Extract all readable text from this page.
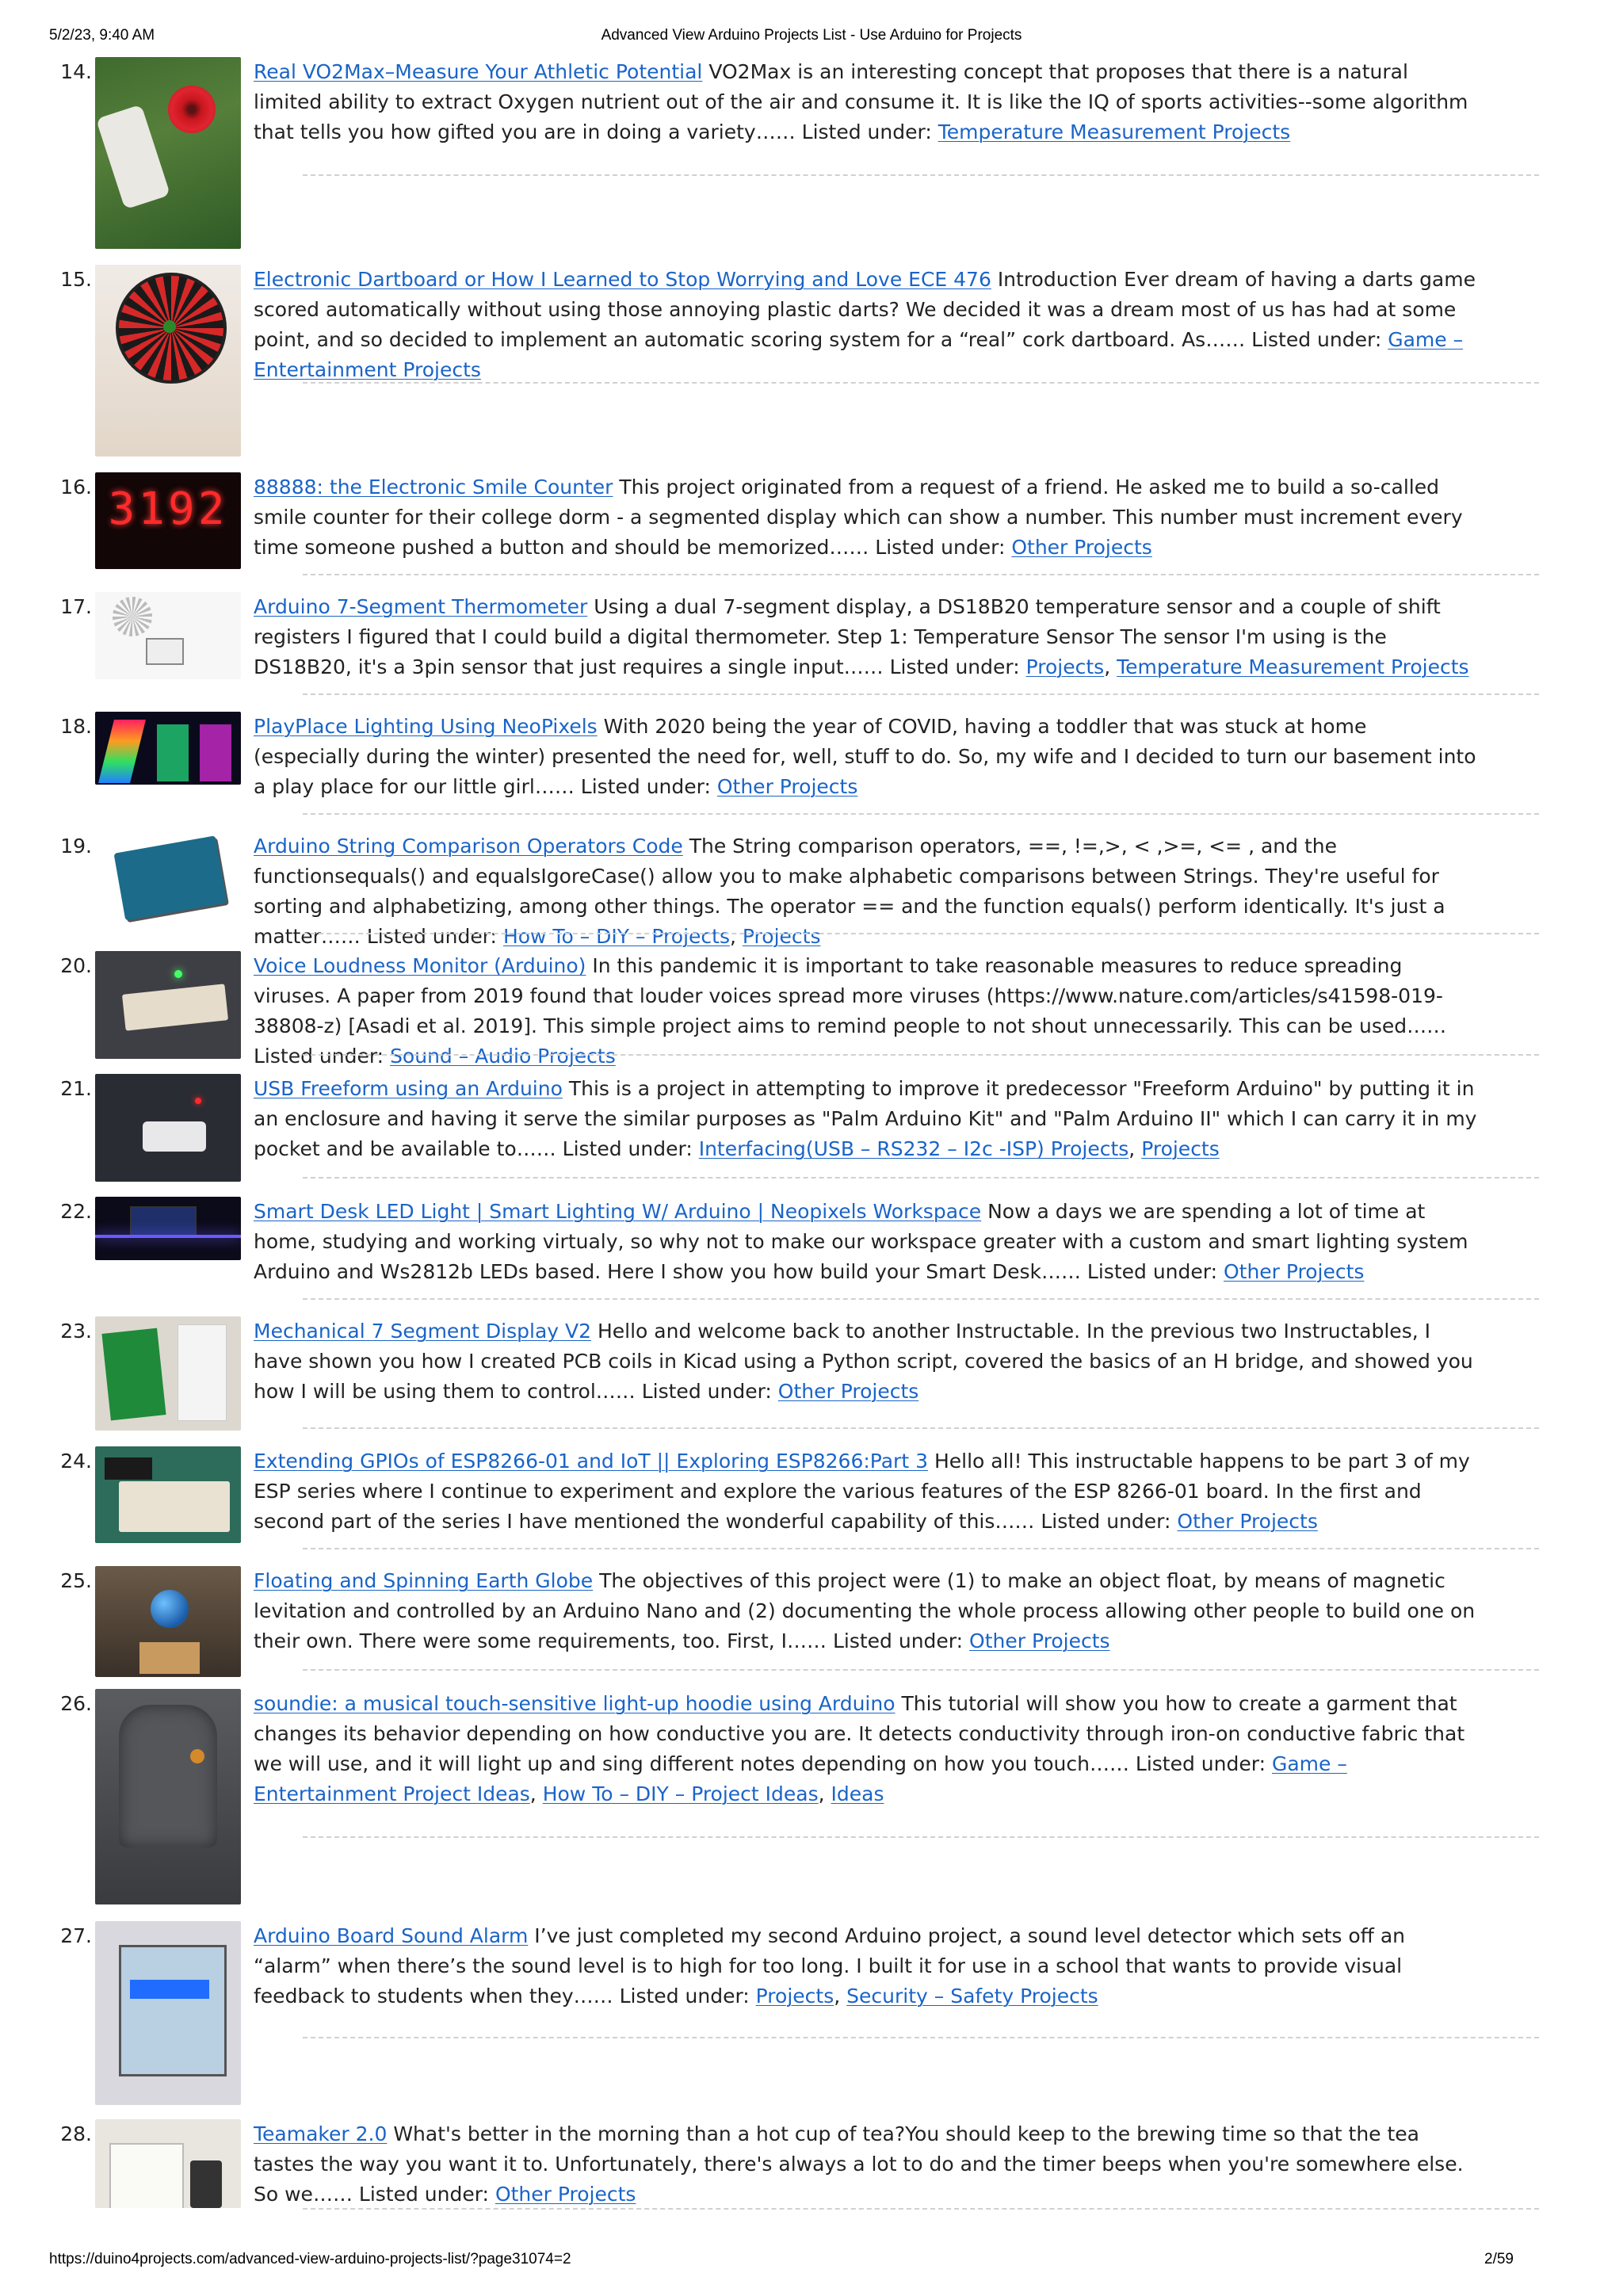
5/2/23, 9:40 AM	Advanced View Arduino Projects List - Use Arduino for Projects
14.	Real VO2Max–Measure Your Athletic Potential VO2Max is an interesting concept that proposes that there is a natural limited ability to extract Oxygen nutrient out of the air and consume it. It is like the IQ of sports activities--some algorithm that tells you how gifted you are in doing a variety…… Listed under: Temperature Measurement Projects
15.	Electronic Dartboard or How I Learned to Stop Worrying and Love ECE 476 Introduction Ever dream of having a darts game scored automatically without using those annoying plastic darts? We decided it was a dream most of us has had at some point, and so decided to implement an automatic scoring system for a “real” cork dartboard. As…… Listed under: Game – Entertainment Projects
16. 3192	88888: the Electronic Smile Counter This project originated from a request of a friend. He asked me to build a so-called smile counter for their college dorm - a segmented display which can show a number. This number must increment every time someone pushed a button and should be memorized…… Listed under: Other Projects
17.	Arduino 7-Segment Thermometer Using a dual 7-segment display, a DS18B20 temperature sensor and a couple of shift registers I figured that I could build a digital thermometer. Step 1: Temperature Sensor The sensor I'm using is the DS18B20, it's a 3pin sensor that just requires a single input…… Listed under: Projects, Temperature Measurement Projects
18.	PlayPlace Lighting Using NeoPixels With 2020 being the year of COVID, having a toddler that was stuck at home (especially during the winter) presented the need for, well, stuff to do. So, my wife and I decided to turn our basement into a play place for our little girl…… Listed under: Other Projects
19.	Arduino String Comparison Operators Code The String comparison operators, ==, !=,>, < ,>=, <= , and the functionsequals() and equalsIgoreCase() allow you to make alphabetic comparisons between Strings. They're useful for sorting and alphabetizing, among other things. The operator == and the function equals() perform identically. It's just a matter…… Listed under: How To – DIY – Projects, Projects
20.	Voice Loudness Monitor (Arduino) In this pandemic it is important to take reasonable measures to reduce spreading viruses. A paper from 2019 found that louder voices spread more viruses (https://www.nature.com/articles/s41598-019-38808-z) [Asadi et al. 2019]. This simple project aims to remind people to not shout unnecessarily. This can be used…… Listed under: Sound – Audio Projects
21.	USB Freeform using an Arduino This is a project in attempting to improve it predecessor "Freeform Arduino" by putting it in an enclosure and having it serve the similar purposes as "Palm Arduino Kit" and "Palm Arduino II" which I can carry it in my pocket and be available to…… Listed under: Interfacing(USB – RS232 – I2c -ISP) Projects, Projects
22.	Smart Desk LED Light | Smart Lighting W/ Arduino | Neopixels Workspace Now a days we are spending a lot of time at home, studying and working virtualy, so why not to make our workspace greater with a custom and smart lighting system Arduino and Ws2812b LEDs based. Here I show you how build your Smart Desk…… Listed under: Other Projects
23.	Mechanical 7 Segment Display V2 Hello and welcome back to another Instructable. In the previous two Instructables, I have shown you how I created PCB coils in Kicad using a Python script, covered the basics of an H bridge, and showed you how I will be using them to control…… Listed under: Other Projects
24.	Extending GPIOs of ESP8266-01 and IoT || Exploring ESP8266:Part 3 Hello all! This instructable happens to be part 3 of my ESP series where I continue to experiment and explore the various features of the ESP 8266-01 board. In the first and second part of the series I have mentioned the wonderful capability of this…… Listed under: Other Projects
25.	Floating and Spinning Earth Globe The objectives of this project were (1) to make an object float, by means of magnetic levitation and controlled by an Arduino Nano and (2) documenting the whole process allowing other people to build one on their own. There were some requirements, too. First, I…… Listed under: Other Projects
26.	soundie: a musical touch-sensitive light-up hoodie using Arduino This tutorial will show you how to create a garment that changes its behavior depending on how conductive you are. It detects conductivity through iron-on conductive fabric that we will use, and it will light up and sing different notes depending on how you touch…… Listed under: Game – Entertainment Project Ideas, How To – DIY – Project Ideas, Ideas
27.	Arduino Board Sound Alarm I’ve just completed my second Arduino project, a sound level detector which sets off an “alarm” when there’s the sound level is to high for too long. I built it for use in a school that wants to provide visual feedback to students when they…… Listed under: Projects, Security – Safety Projects
28.	Teamaker 2.0 What's better in the morning than a hot cup of tea?You should keep to the brewing time so that the tea tastes the way you want it to. Unfortunately, there's always a lot to do and the timer beeps when you're somewhere else. So we…… Listed under: Other Projects
https://duino4projects.com/advanced-view-arduino-projects-list/?page31074=2	2/59
